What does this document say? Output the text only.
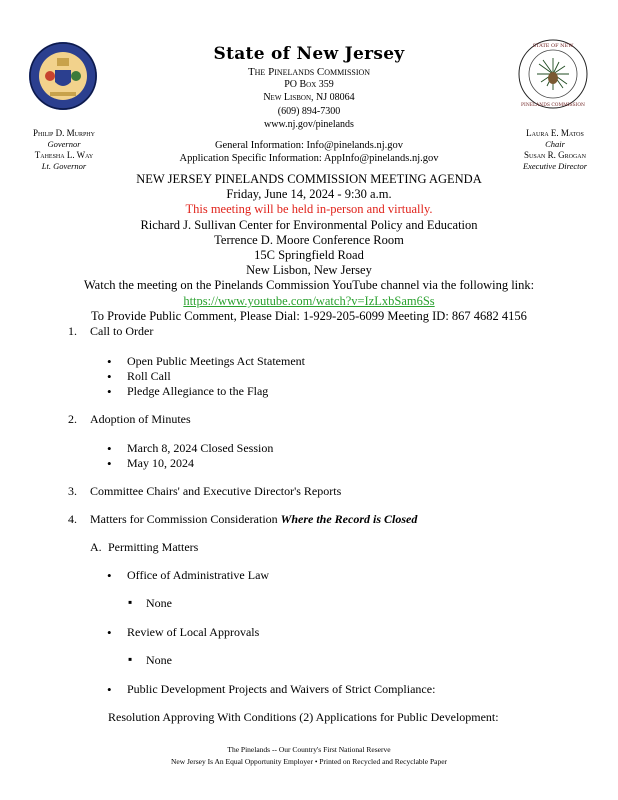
STATE OF NEW
PINELANDS COMMISSION
State of New Jersey
The Pinelands Commission
PO Box 359
New Lisbon, NJ 08064
(609) 894-7300
www.nj.gov/pinelands
Philip D. Murphy
Governor
Tahesha L. Way
Lt. Governor
Laura E. Matos
Chair
Susan R. Grogan
Executive Director
General Information: Info@pinelands.nj.gov
Application Specific Information: AppInfo@pinelands.nj.gov
NEW JERSEY PINELANDS COMMISSION MEETING AGENDA
Friday, June 14, 2024 - 9:30 a.m.
This meeting will be held in-person and virtually.
Richard J. Sullivan Center for Environmental Policy and Education
Terrence D. Moore Conference Room
15C Springfield Road
New Lisbon, New Jersey
Watch the meeting on the Pinelands Commission YouTube channel via the following link:
https://www.youtube.com/watch?v=IzLxbSam6Ss
To Provide Public Comment, Please Dial: 1-929-205-6099 Meeting ID: 867 4682 4156
1. Call to Order
• Open Public Meetings Act Statement
• Roll Call
• Pledge Allegiance to the Flag
2. Adoption of Minutes
• March 8, 2024 Closed Session
• May 10, 2024
3. Committee Chairs' and Executive Director's Reports
4. Matters for Commission Consideration Where the Record is Closed
A. Permitting Matters
• Office of Administrative Law
▪ None
• Review of Local Approvals
▪ None
• Public Development Projects and Waivers of Strict Compliance:
Resolution Approving With Conditions (2) Applications for Public Development:
The Pinelands -- Our Country's First National Reserve
New Jersey Is An Equal Opportunity Employer • Printed on Recycled and Recyclable Paper
